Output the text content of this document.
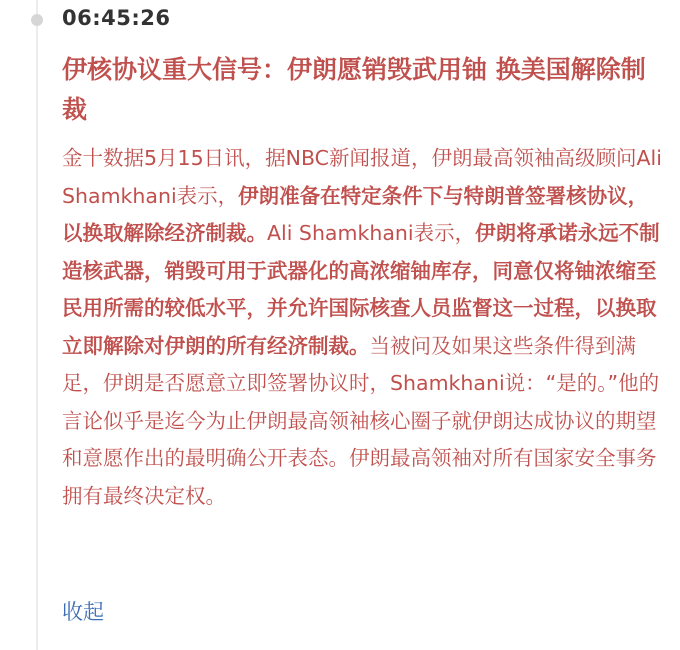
06:45:26
伊核协议重大信号：伊朗愿销毁武用铀 换美国解除制裁
金十数据5月15日讯，据NBC新闻报道，伊朗最高领袖高级顾问Ali Shamkhani表示，伊朗准备在特定条件下与特朗普签署核协议，以换取解除经济制裁。Ali Shamkhani表示，伊朗将承诺永远不制造核武器，销毁可用于武器化的高浓缩铀库存，同意仅将铀浓缩至民用所需的较低水平，并允许国际核查人员监督这一过程，以换取立即解除对伊朗的所有经济制裁。当被问及如果这些条件得到满足，伊朗是否愿意立即签署协议时，Shamkhani说：“是的。”他的言论似乎是迄今为止伊朗最高领袖核心圈子就伊朗达成协议的期望和意愿作出的最明确公开表态。伊朗最高领袖对所有国家安全事务拥有最终决定权。
收起
